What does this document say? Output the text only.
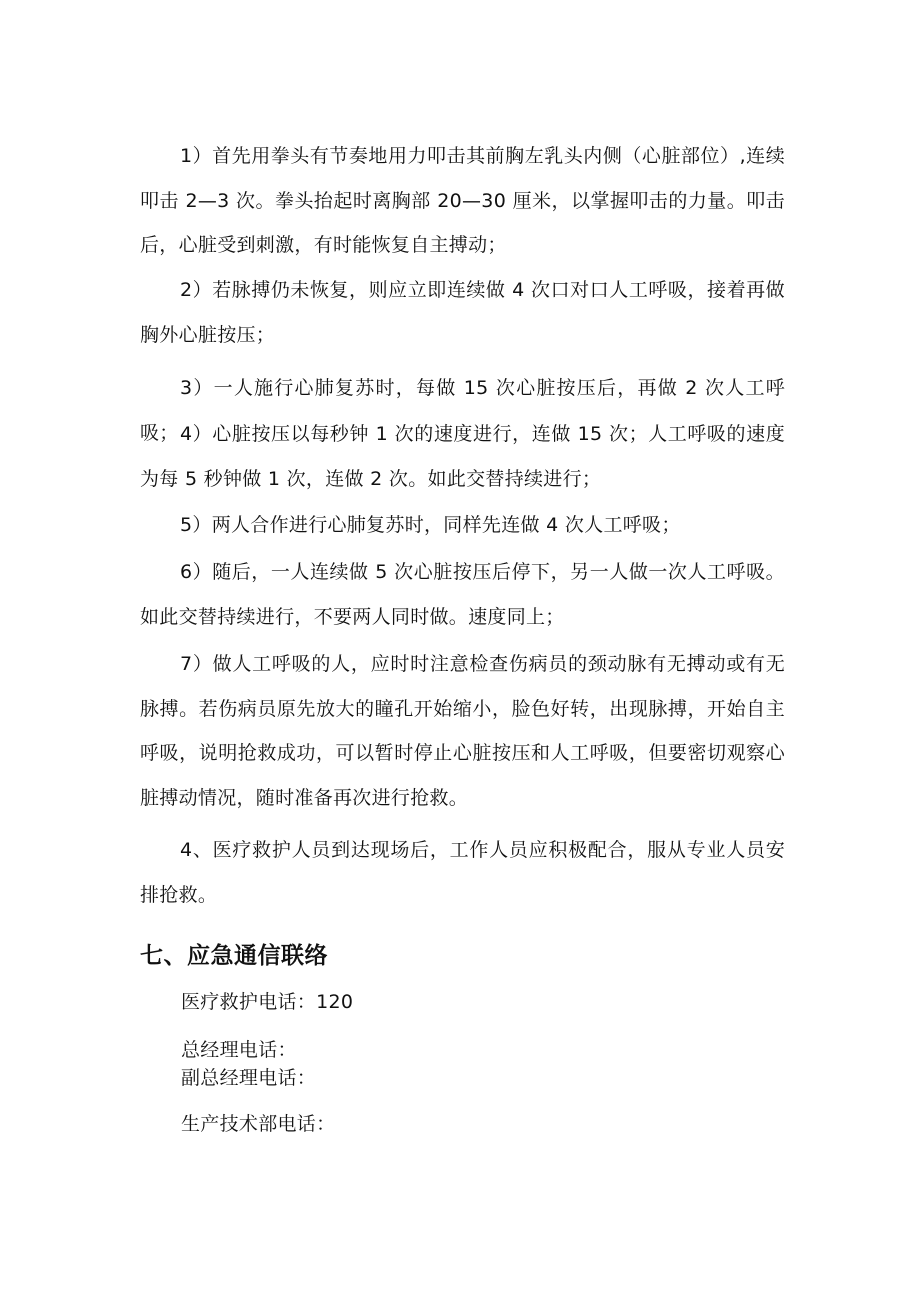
1）首先用拳头有节奏地用力叩击其前胸左乳头内侧（心脏部位）,连续叩击 2—3 次。拳头抬起时离胸部 20—30 厘米，以掌握叩击的力量。叩击后，心脏受到刺激，有时能恢复自主搏动；
2）若脉搏仍未恢复，则应立即连续做 4 次口对口人工呼吸，接着再做胸外心脏按压；
3）一人施行心肺复苏时，每做 15 次心脏按压后，再做 2 次人工呼吸； 4）心脏按压以每秒钟 1 次的速度进行，连做 15 次；人工呼吸的速度为每 5 秒钟做 1 次，连做 2 次。如此交替持续进行；
5）两人合作进行心肺复苏时，同样先连做 4 次人工呼吸；
6）随后，一人连续做 5 次心脏按压后停下，另一人做一次人工呼吸。如此交替持续进行，不要两人同时做。速度同上；
7）做人工呼吸的人，应时时注意检查伤病员的颈动脉有无搏动或有无脉搏。若伤病员原先放大的瞳孔开始缩小，脸色好转，出现脉搏，开始自主呼吸，说明抢救成功，可以暂时停止心脏按压和人工呼吸，但要密切观察心脏搏动情况，随时准备再次进行抢救。
4、医疗救护人员到达现场后，工作人员应积极配合，服从专业人员安排抢救。
七、应急通信联络
医疗救护电话：120
总经理电话：
副总经理电话：
生产技术部电话：
